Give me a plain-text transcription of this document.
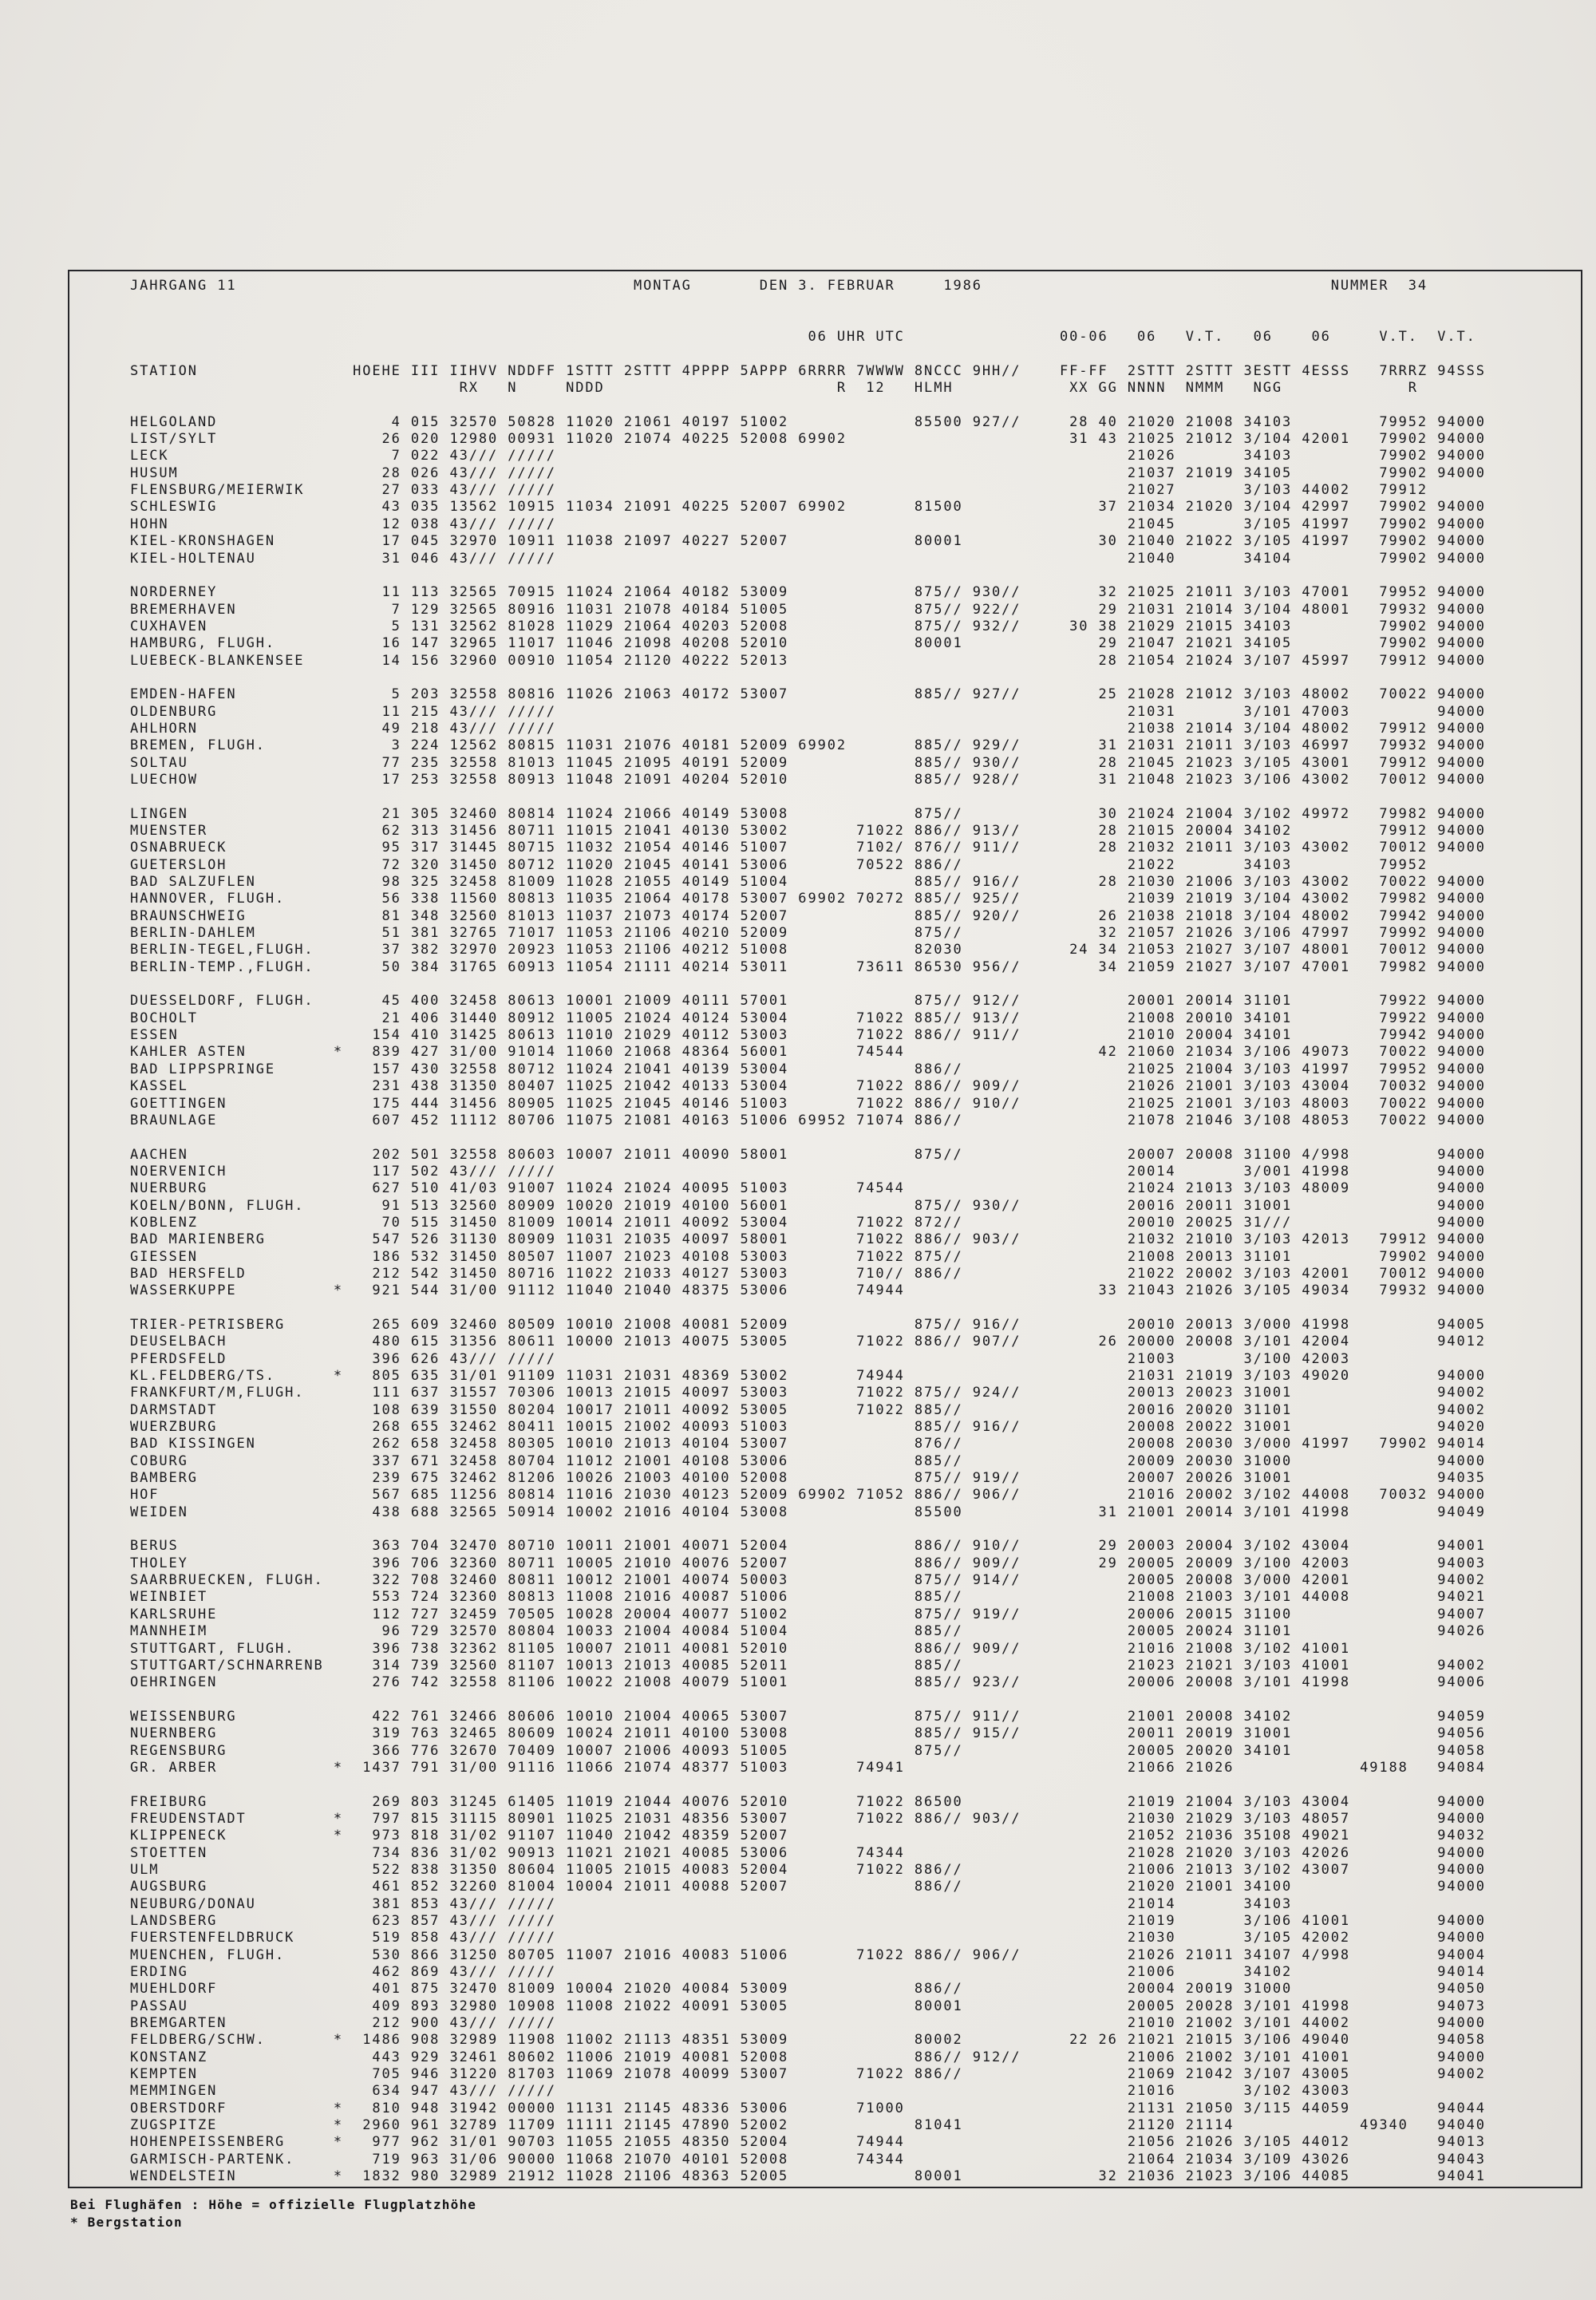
JAHRGANG 11                                         MONTAG       DEN 3. FEBRUAR     1986                                    NUMMER  34

06 UHR UTC                00-06   06   V.T.   06    06     V.T.  V.T.

STATION                HOEHE III IIHVV NDDFF 1STTT 2STTT 4PPPP 5APPP 6RRRR 7WWWW 8NCCC 9HH//    FF-FF  2STTT 2STTT 3ESTT 4ESSS   7RRRZ 94SSS
RX   N     NDDD                        R  12   HLMH            XX GG NNNN  NMMM   NGG             R

HELGOLAND                  4 015 32570 50828 11020 21061 40197 51002             85500 927//     28 40 21020 21008 34103         79952 94000
LIST/SYLT                 26 020 12980 00931 11020 21074 40225 52008 69902                       31 43 21025 21012 3/104 42001   79902 94000
LECK                       7 022 43/// /////                                                           21026       34103         79902 94000
HUSUM                     28 026 43/// /////                                                           21037 21019 34105         79902 94000
FLENSBURG/MEIERWIK        27 033 43/// /////                                                           21027       3/103 44002   79912
SCHLESWIG                 43 035 13562 10915 11034 21091 40225 52007 69902       81500              37 21034 21020 3/104 42997   79902 94000
HOHN                      12 038 43/// /////                                                           21045       3/105 41997   79902 94000
KIEL-KRONSHAGEN           17 045 32970 10911 11038 21097 40227 52007             80001              30 21040 21022 3/105 41997   79902 94000
KIEL-HOLTENAU             31 046 43/// /////                                                           21040       34104         79902 94000

NORDERNEY                 11 113 32565 70915 11024 21064 40182 53009             875// 930//        32 21025 21011 3/103 47001   79952 94000
BREMERHAVEN                7 129 32565 80916 11031 21078 40184 51005             875// 922//        29 21031 21014 3/104 48001   79932 94000
CUXHAVEN                   5 131 32562 81028 11029 21064 40203 52008             875// 932//     30 38 21029 21015 34103         79902 94000
HAMBURG, FLUGH.           16 147 32965 11017 11046 21098 40208 52010             80001              29 21047 21021 34105         79902 94000
LUEBECK-BLANKENSEE        14 156 32960 00910 11054 21120 40222 52013                                28 21054 21024 3/107 45997   79912 94000

EMDEN-HAFEN                5 203 32558 80816 11026 21063 40172 53007             885// 927//        25 21028 21012 3/103 48002   70022 94000
OLDENBURG                 11 215 43/// /////                                                           21031       3/101 47003         94000
AHLHORN                   49 218 43/// /////                                                           21038 21014 3/104 48002   79912 94000
BREMEN, FLUGH.             3 224 12562 80815 11031 21076 40181 52009 69902       885// 929//        31 21031 21011 3/103 46997   79932 94000
SOLTAU                    77 235 32558 81013 11045 21095 40191 52009             885// 930//        28 21045 21023 3/105 43001   79912 94000
LUECHOW                   17 253 32558 80913 11048 21091 40204 52010             885// 928//        31 21048 21023 3/106 43002   70012 94000

LINGEN                    21 305 32460 80814 11024 21066 40149 53008             875//              30 21024 21004 3/102 49972   79982 94000
MUENSTER                  62 313 31456 80711 11015 21041 40130 53002       71022 886// 913//        28 21015 20004 34102         79912 94000
OSNABRUECK                95 317 31445 80715 11032 21054 40146 51007       7102/ 876// 911//        28 21032 21011 3/103 43002   70012 94000
GUETERSLOH                72 320 31450 80712 11020 21045 40141 53006       70522 886//                 21022       34103         79952
BAD SALZUFLEN             98 325 32458 81009 11028 21055 40149 51004             885// 916//        28 21030 21006 3/103 43002   70022 94000
HANNOVER, FLUGH.          56 338 11560 80813 11035 21064 40178 53007 69902 70272 885// 925//           21039 21019 3/104 43002   79982 94000
BRAUNSCHWEIG              81 348 32560 81013 11037 21073 40174 52007             885// 920//        26 21038 21018 3/104 48002   79942 94000
BERLIN-DAHLEM             51 381 32765 71017 11053 21106 40210 52009             875//              32 21057 21026 3/106 47997   79992 94000
BERLIN-TEGEL,FLUGH.       37 382 32970 20923 11053 21106 40212 51008             82030           24 34 21053 21027 3/107 48001   70012 94000
BERLIN-TEMP.,FLUGH.       50 384 31765 60913 11054 21111 40214 53011       73611 86530 956//        34 21059 21027 3/107 47001   79982 94000

DUESSELDORF, FLUGH.       45 400 32458 80613 10001 21009 40111 57001             875// 912//           20001 20014 31101         79922 94000
BOCHOLT                   21 406 31440 80912 11005 21024 40124 53004       71022 885// 913//           21008 20010 34101         79922 94000
ESSEN                    154 410 31425 80613 11010 21029 40112 53003       71022 886// 911//           21010 20004 34101         79942 94000
KAHLER ASTEN         *   839 427 31/00 91014 11060 21068 48364 56001       74544                    42 21060 21034 3/106 49073   70022 94000
BAD LIPPSPRINGE          157 430 32558 80712 11024 21041 40139 53004             886//                 21025 21004 3/103 41997   79952 94000
KASSEL                   231 438 31350 80407 11025 21042 40133 53004       71022 886// 909//           21026 21001 3/103 43004   70032 94000
GOETTINGEN               175 444 31456 80905 11025 21045 40146 51003       71022 886// 910//           21025 21001 3/103 48003   70022 94000
BRAUNLAGE                607 452 11112 80706 11075 21081 40163 51006 69952 71074 886//                 21078 21046 3/108 48053   70022 94000

AACHEN                   202 501 32558 80603 10007 21011 40090 58001             875//                 20007 20008 31100 4/998         94000
NOERVENICH               117 502 43/// /////                                                           20014       3/001 41998         94000
NUERBURG                 627 510 41/03 91007 11024 21024 40095 51003       74544                       21024 21013 3/103 48009         94000
KOELN/BONN, FLUGH.        91 513 32560 80909 10020 21019 40100 56001             875// 930//           20016 20011 31001               94000
KOBLENZ                   70 515 31450 81009 10014 21011 40092 53004       71022 872//                 20010 20025 31///               94000
BAD MARIENBERG           547 526 31130 80909 11031 21035 40097 58001       71022 886// 903//           21032 21010 3/103 42013   79912 94000
GIESSEN                  186 532 31450 80507 11007 21023 40108 53003       71022 875//                 21008 20013 31101         79902 94000
BAD HERSFELD             212 542 31450 80716 11022 21033 40127 53003       710// 886//                 21022 20002 3/103 42001   70012 94000
WASSERKUPPE          *   921 544 31/00 91112 11040 21040 48375 53006       74944                    33 21043 21026 3/105 49034   79932 94000

TRIER-PETRISBERG         265 609 32460 80509 10010 21008 40081 52009             875// 916//           20010 20013 3/000 41998         94005
DEUSELBACH               480 615 31356 80611 10000 21013 40075 53005       71022 886// 907//        26 20000 20008 3/101 42004         94012
PFERDSFELD               396 626 43/// /////                                                           21003       3/100 42003
KL.FELDBERG/TS.      *   805 635 31/01 91109 11031 21031 48369 53002       74944                       21031 21019 3/103 49020         94000
FRANKFURT/M,FLUGH.       111 637 31557 70306 10013 21015 40097 53003       71022 875// 924//           20013 20023 31001               94002
DARMSTADT                108 639 31550 80204 10017 21011 40092 53005       71022 885//                 20016 20020 31101               94002
WUERZBURG                268 655 32462 80411 10015 21002 40093 51003             885// 916//           20008 20022 31001               94020
BAD KISSINGEN            262 658 32458 80305 10010 21013 40104 53007             876//                 20008 20030 3/000 41997   79902 94014
COBURG                   337 671 32458 80704 11012 21001 40108 53006             885//                 20009 20030 31000               94000
BAMBERG                  239 675 32462 81206 10026 21003 40100 52008             875// 919//           20007 20026 31001               94035
HOF                      567 685 11256 80814 11016 21030 40123 52009 69902 71052 886// 906//           21016 20002 3/102 44008   70032 94000
WEIDEN                   438 688 32565 50914 10002 21016 40104 53008             85500              31 21001 20014 3/101 41998         94049

BERUS                    363 704 32470 80710 10011 21001 40071 52004             886// 910//        29 20003 20004 3/102 43004         94001
THOLEY                   396 706 32360 80711 10005 21010 40076 52007             886// 909//        29 20005 20009 3/100 42003         94003
SAARBRUECKEN, FLUGH.     322 708 32460 80811 10012 21001 40074 50003             875// 914//           20005 20008 3/000 42001         94002
WEINBIET                 553 724 32360 80813 11008 21016 40087 51006             885//                 21008 21003 3/101 44008         94021
KARLSRUHE                112 727 32459 70505 10028 20004 40077 51002             875// 919//           20006 20015 31100               94007
MANNHEIM                  96 729 32570 80804 10033 21004 40084 51004             885//                 20005 20024 31101               94026
STUTTGART, FLUGH.        396 738 32362 81105 10007 21011 40081 52010             886// 909//           21016 21008 3/102 41001
STUTTGART/SCHNARRENB     314 739 32560 81107 10013 21013 40085 52011             885//                 21023 21021 3/103 41001         94002
OEHRINGEN                276 742 32558 81106 10022 21008 40079 51001             885// 923//           20006 20008 3/101 41998         94006

WEISSENBURG              422 761 32466 80606 10010 21004 40065 53007             875// 911//           21001 20008 34102               94059
NUERNBERG                319 763 32465 80609 10024 21011 40100 53008             885// 915//           20011 20019 31001               94056
REGENSBURG               366 776 32670 70409 10007 21006 40093 51005             875//                 20005 20020 34101               94058
GR. ARBER            *  1437 791 31/00 91116 11066 21074 48377 51003       74941                       21066 21026             49188   94084

FREIBURG                 269 803 31245 61405 11019 21044 40076 52010       71022 86500                 21019 21004 3/103 43004         94000
FREUDENSTADT         *   797 815 31115 80901 11025 21031 48356 53007       71022 886// 903//           21030 21029 3/103 48057         94000
KLIPPENECK           *   973 818 31/02 91107 11040 21042 48359 52007                                   21052 21036 35108 49021         94032
STOETTEN                 734 836 31/02 90913 11021 21021 40085 53006       74344                       21028 21020 3/103 42026         94000
ULM                      522 838 31350 80604 11005 21015 40083 52004       71022 886//                 21006 21013 3/102 43007         94000
AUGSBURG                 461 852 32260 81004 10004 21011 40088 52007             886//                 21020 21001 34100               94000
NEUBURG/DONAU            381 853 43/// /////                                                           21014       34103
LANDSBERG                623 857 43/// /////                                                           21019       3/106 41001         94000
FUERSTENFELDBRUCK        519 858 43/// /////                                                           21030       3/105 42002         94000
MUENCHEN, FLUGH.         530 866 31250 80705 11007 21016 40083 51006       71022 886// 906//           21026 21011 34107 4/998         94004
ERDING                   462 869 43/// /////                                                           21006       34102               94014
MUEHLDORF                401 875 32470 81009 10004 21020 40084 53009             886//                 20004 20019 31000               94050
PASSAU                   409 893 32980 10908 11008 21022 40091 53005             80001                 20005 20028 3/101 41998         94073
BREMGARTEN               212 900 43/// /////                                                           21010 21002 3/101 44002         94000
FELDBERG/SCHW.       *  1486 908 32989 11908 11002 21113 48351 53009             80002           22 26 21021 21015 3/106 49040         94058
KONSTANZ                 443 929 32461 80602 11006 21019 40081 52008             886// 912//           21006 21002 3/101 41001         94000
KEMPTEN                  705 946 31220 81703 11069 21078 40099 53007       71022 886//                 21069 21042 3/107 43005         94002
MEMMINGEN                634 947 43/// /////                                                           21016       3/102 43003
OBERSTDORF           *   810 948 31942 00000 11131 21145 48336 53006       71000                       21131 21050 3/115 44059         94044
ZUGSPITZE            *  2960 961 32789 11709 11111 21145 47890 52002             81041                 21120 21114             49340   94040
HOHENPEISSENBERG     *   977 962 31/01 90703 11055 21055 48350 52004       74944                       21056 21026 3/105 44012         94013
GARMISCH-PARTENK.        719 963 31/06 90000 11068 21070 40101 52008       74344                       21064 21034 3/109 43026         94043
WENDELSTEIN          *  1832 980 32989 21912 11028 21106 48363 52005             80001              32 21036 21023 3/106 44085         94041
Bei Flughäfen : Höhe = offizielle Flugplatzhöhe
* Bergstation
